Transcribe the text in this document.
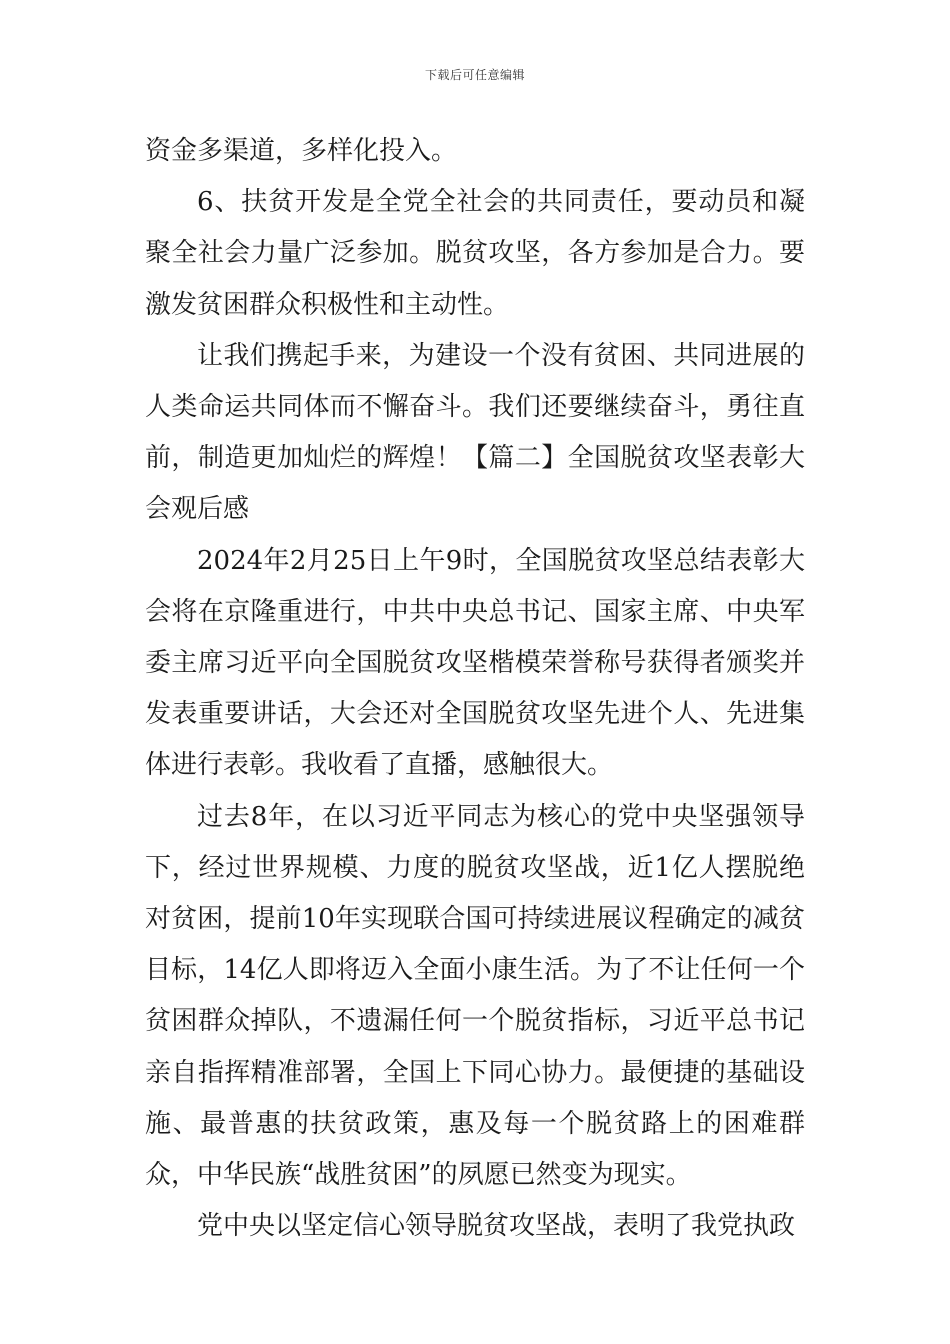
下载后可任意编辑

资金多渠道，多样化投入。

6、扶贫开发是全党全社会的共同责任，要动员和凝聚全社会力量广泛参加。脱贫攻坚，各方参加是合力。要激发贫困群众积极性和主动性。

让我们携起手来，为建设一个没有贫困、共同进展的人类命运共同体而不懈奋斗。我们还要继续奋斗，勇往直前，制造更加灿烂的辉煌！【篇二】全国脱贫攻坚表彰大会观后感

2024年2月25日上午9时，全国脱贫攻坚总结表彰大会将在京隆重进行，中共中央总书记、国家主席、中央军委主席习近平向全国脱贫攻坚楷模荣誉称号获得者颁奖并发表重要讲话，大会还对全国脱贫攻坚先进个人、先进集体进行表彰。我收看了直播，感触很大。

过去8年，在以习近平同志为核心的党中央坚强领导下，经过世界规模、力度的脱贫攻坚战，近1亿人摆脱绝对贫困，提前10年实现联合国可持续进展议程确定的减贫目标，14亿人即将迈入全面小康生活。为了不让任何一个贫困群众掉队，不遗漏任何一个脱贫指标，习近平总书记亲自指挥精准部署，全国上下同心协力。最便捷的基础设施、最普惠的扶贫政策，惠及每一个脱贫路上的困难群众，中华民族“战胜贫困”的夙愿已然变为现实。

党中央以坚定信心领导脱贫攻坚战，表明了我党执政
